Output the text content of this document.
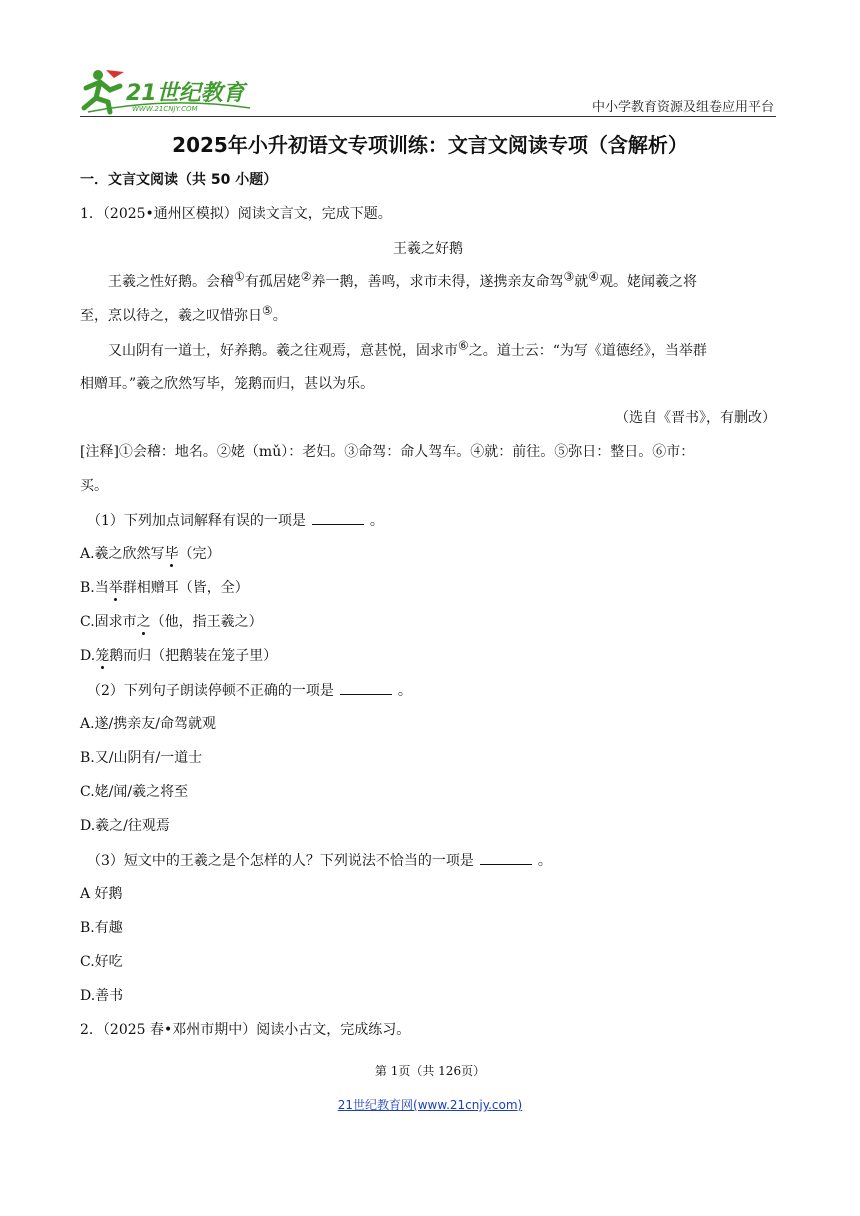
21世纪教育
WWW.21CNJY.COM	中小学教育资源及组卷应用平台
2025年小升初语文专项训练：文言文阅读专项（含解析）
一．文言文阅读（共 50 小题）
1．（2025•通州区模拟）阅读文言文，完成下题。
王羲之好鹅
王羲之性好鹅。会稽①有孤居姥②养一鹅，善鸣，求市未得，遂携亲友命驾③就④观。姥闻羲之将
至，烹以待之，羲之叹惜弥日⑤。
又山阴有一道士，好养鹅。羲之往观焉，意甚悦，固求市⑥之。道士云：“为写《道德经》，当举群
相赠耳。”羲之欣然写毕，笼鹅而归，甚以为乐。
（选自《晋书》，有删改）
[注释]①会稽：地名。②姥（mǔ）：老妇。③命驾：命人驾车。④就：前往。⑤弥日：整日。⑥市：
买。
（1）下列加点词解释有误的一项是	。
A.羲之欣然写毕（完）
B.当举群相赠耳（皆，全）
C.固求市之（他，指王羲之）
D.笼鹅而归（把鹅装在笼子里）
（2）下列句子朗读停顿不正确的一项是	。
A.遂/携亲友/命驾就观
B.又/山阴有/一道士
C.姥/闻/羲之将至
D.羲之/往观焉
（3）短文中的王羲之是个怎样的人？下列说法不恰当的一项是	。
A 好鹅
B.有趣
C.好吃
D.善书
2．（2025 春•邓州市期中）阅读小古文，完成练习。
第 1页（共 126页）
21世纪教育网(www.21cnjy.com)
